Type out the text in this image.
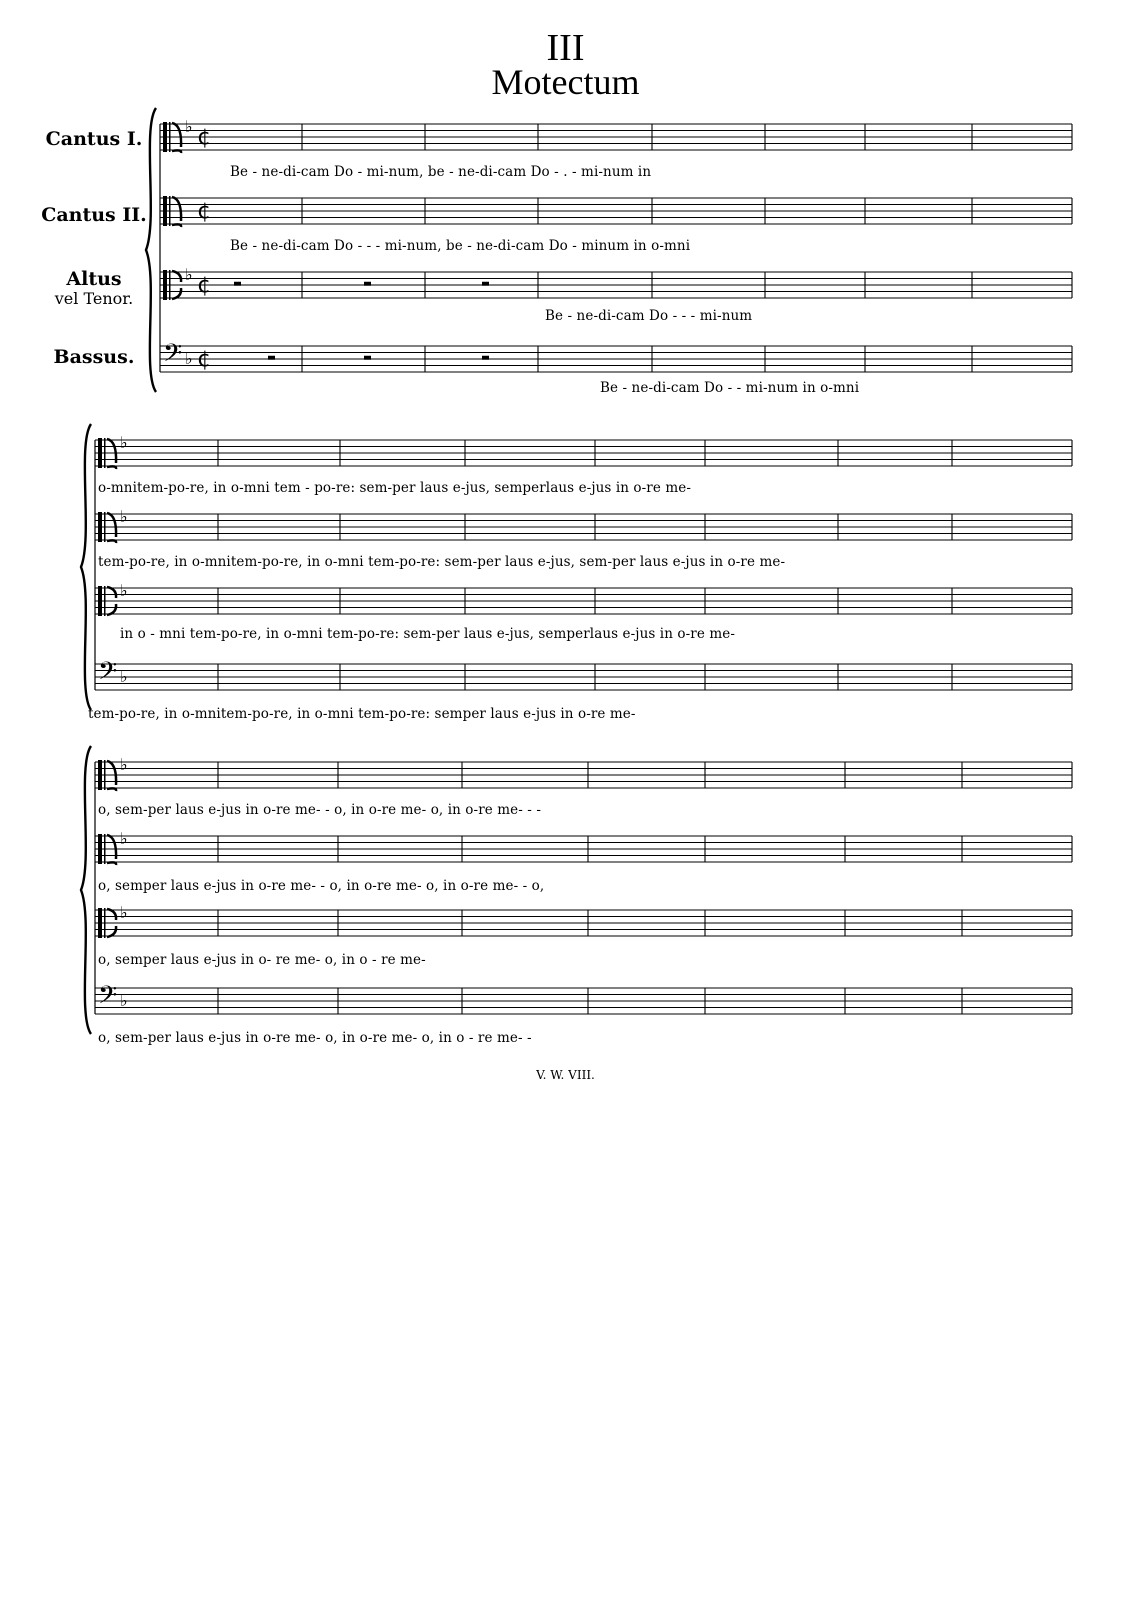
III
Motectum
Cantus I.
Cantus II.
Altus
vel Tenor.
Bassus.
♭ ¢
¢
♭ ¢
𝄢 ♭ ¢
♭
♭
♭
𝄢 ♭
♭
♭
♭
𝄢 ♭
Be - ne-di-cam Do - mi-num, be - ne-di-cam Do - . - mi-num in
Be - ne-di-cam Do - - - mi-num, be - ne-di-cam Do - minum in o-mni
Be - ne-di-cam Do - - - mi-num
Be - ne-di-cam Do - - mi-num in o-mni
o-mnitem-po-re, in o-mni tem - po-re: sem-per laus e-jus, semperlaus e-jus in o-re me-
tem-po-re, in o-mnitem-po-re, in o-mni tem-po-re: sem-per laus e-jus, sem-per laus e-jus in o-re me-
in o - mni tem-po-re, in o-mni tem-po-re: sem-per laus e-jus, semperlaus e-jus in o-re me-
tem-po-re, in o-mnitem-po-re, in o-mni tem-po-re: semper laus e-jus in o-re me-
o, sem-per laus e-jus in o-re me- - o, in o-re me- o, in o-re me- - -
o, semper laus e-jus in o-re me- - o, in o-re me- o, in o-re me- - o,
o, semper laus e-jus in o- re me- o, in o - re me-
o, sem-per laus e-jus in o-re me- o, in o-re me- o, in o - re me- -
V. W. VIII.
